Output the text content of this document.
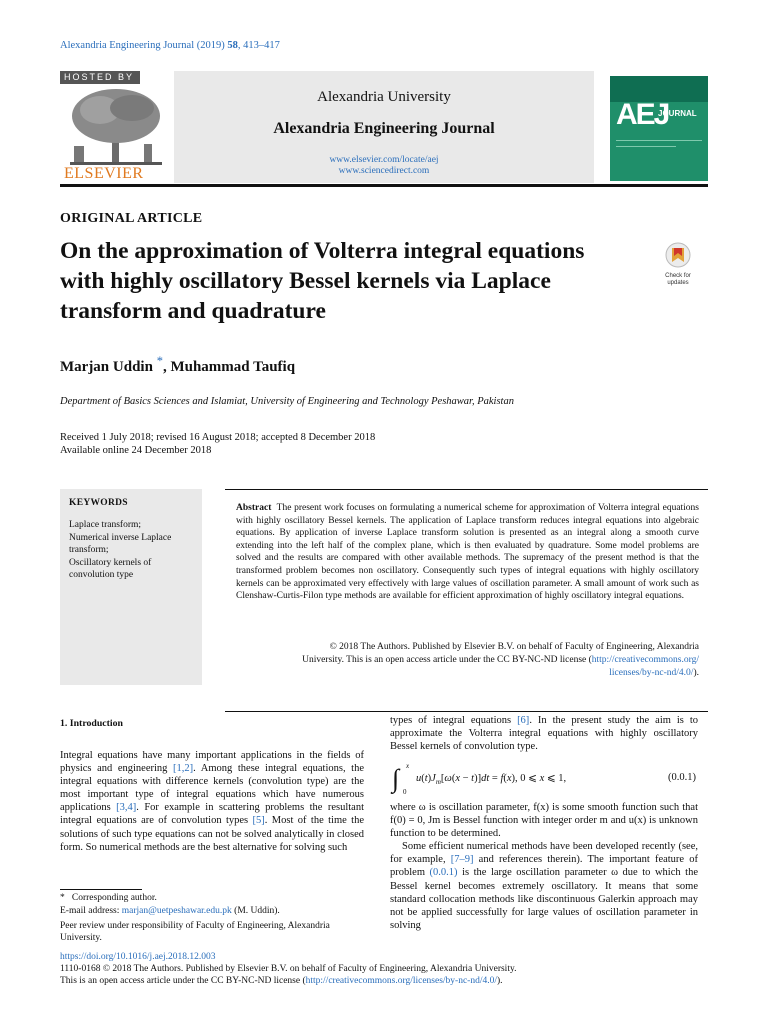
Alexandria Engineering Journal (2019) 58, 413–417
HOSTED BY
ELSEVIER
Alexandria University
Alexandria Engineering Journal
www.elsevier.com/locate/aej
www.sciencedirect.com
AEJ
JOURNAL
ORIGINAL ARTICLE
On the approximation of Volterra integral equations with highly oscillatory Bessel kernels via Laplace transform and quadrature
Check for updates
Marjan Uddin *, Muhammad Taufiq
Department of Basics Sciences and Islamiat, University of Engineering and Technology Peshawar, Pakistan
Received 1 July 2018; revised 16 August 2018; accepted 8 December 2018
Available online 24 December 2018
KEYWORDS
Laplace transform;
Numerical inverse Laplace transform;
Oscillatory kernels of convolution type
Abstract The present work focuses on formulating a numerical scheme for approximation of Volterra integral equations with highly oscillatory Bessel kernels. The application of Laplace transform reduces integral equations into algebraic equations. By application of inverse Laplace transform solution is presented as an integral along a smooth curve extending into the left half of the complex plane, which is then evaluated by quadrature. Some model problems are solved and the results are compared with other available methods. The supremacy of the present method is that the transformed problem becomes non oscillatory. Consequently such types of integral equations with highly oscillatory kernels can be approximated very effectively with large values of oscillation parameter. A small amount of work such as Clenshaw-Curtis-Filon type methods are available for efficient approximation of highly oscillatory integral equations.
© 2018 The Authors. Published by Elsevier B.V. on behalf of Faculty of Engineering, Alexandria
University. This is an open access article under the CC BY-NC-ND license (http://creativecommons.org/
licenses/by-nc-nd/4.0/).
1. Introduction
Integral equations have many important applications in the fields of physics and engineering [1,2]. Among these integral equations, the integral equations with difference kernels (convolution type) are the most important type of integral equations which have numerous applications [3,4]. For example in scattering problems the resultant integral equations are of convolution types [5]. Most of the time the solutions of such type equations can not be solved analytically in closed form. So numerical methods are the best alternative for solving such
types of integral equations [6]. In the present study the aim is to approximate the Volterra integral equations with highly oscillatory Bessel kernels of convolution type.
∫ x
0
$u(t)J_m[\omega(x - t)]dt = f(x)$, 0 ⩽ x ⩽ 1,	(0.0.1)
where ω is oscillation parameter, f(x) is some smooth function such that f(0) = 0, Jm is Bessel function with integer order m and u(x) is unknown function to be determined.
Some efficient numerical methods have been developed recently (see, for example, [7–9] and references therein). The important feature of problem (0.0.1) is the large oscillation parameter ω due to which the Bessel kernel becomes extremely oscillatory. It means that some standard collocation methods like discontinuous Galerkin approach may not be applied successfully for large values of oscillation parameter in solving
* Corresponding author.
E-mail address: marjan@uetpeshawar.edu.pk (M. Uddin).
Peer review under responsibility of Faculty of Engineering, Alexandria University.
https://doi.org/10.1016/j.aej.2018.12.003
1110-0168 © 2018 The Authors. Published by Elsevier B.V. on behalf of Faculty of Engineering, Alexandria University.
This is an open access article under the CC BY-NC-ND license (http://creativecommons.org/licenses/by-nc-nd/4.0/).
